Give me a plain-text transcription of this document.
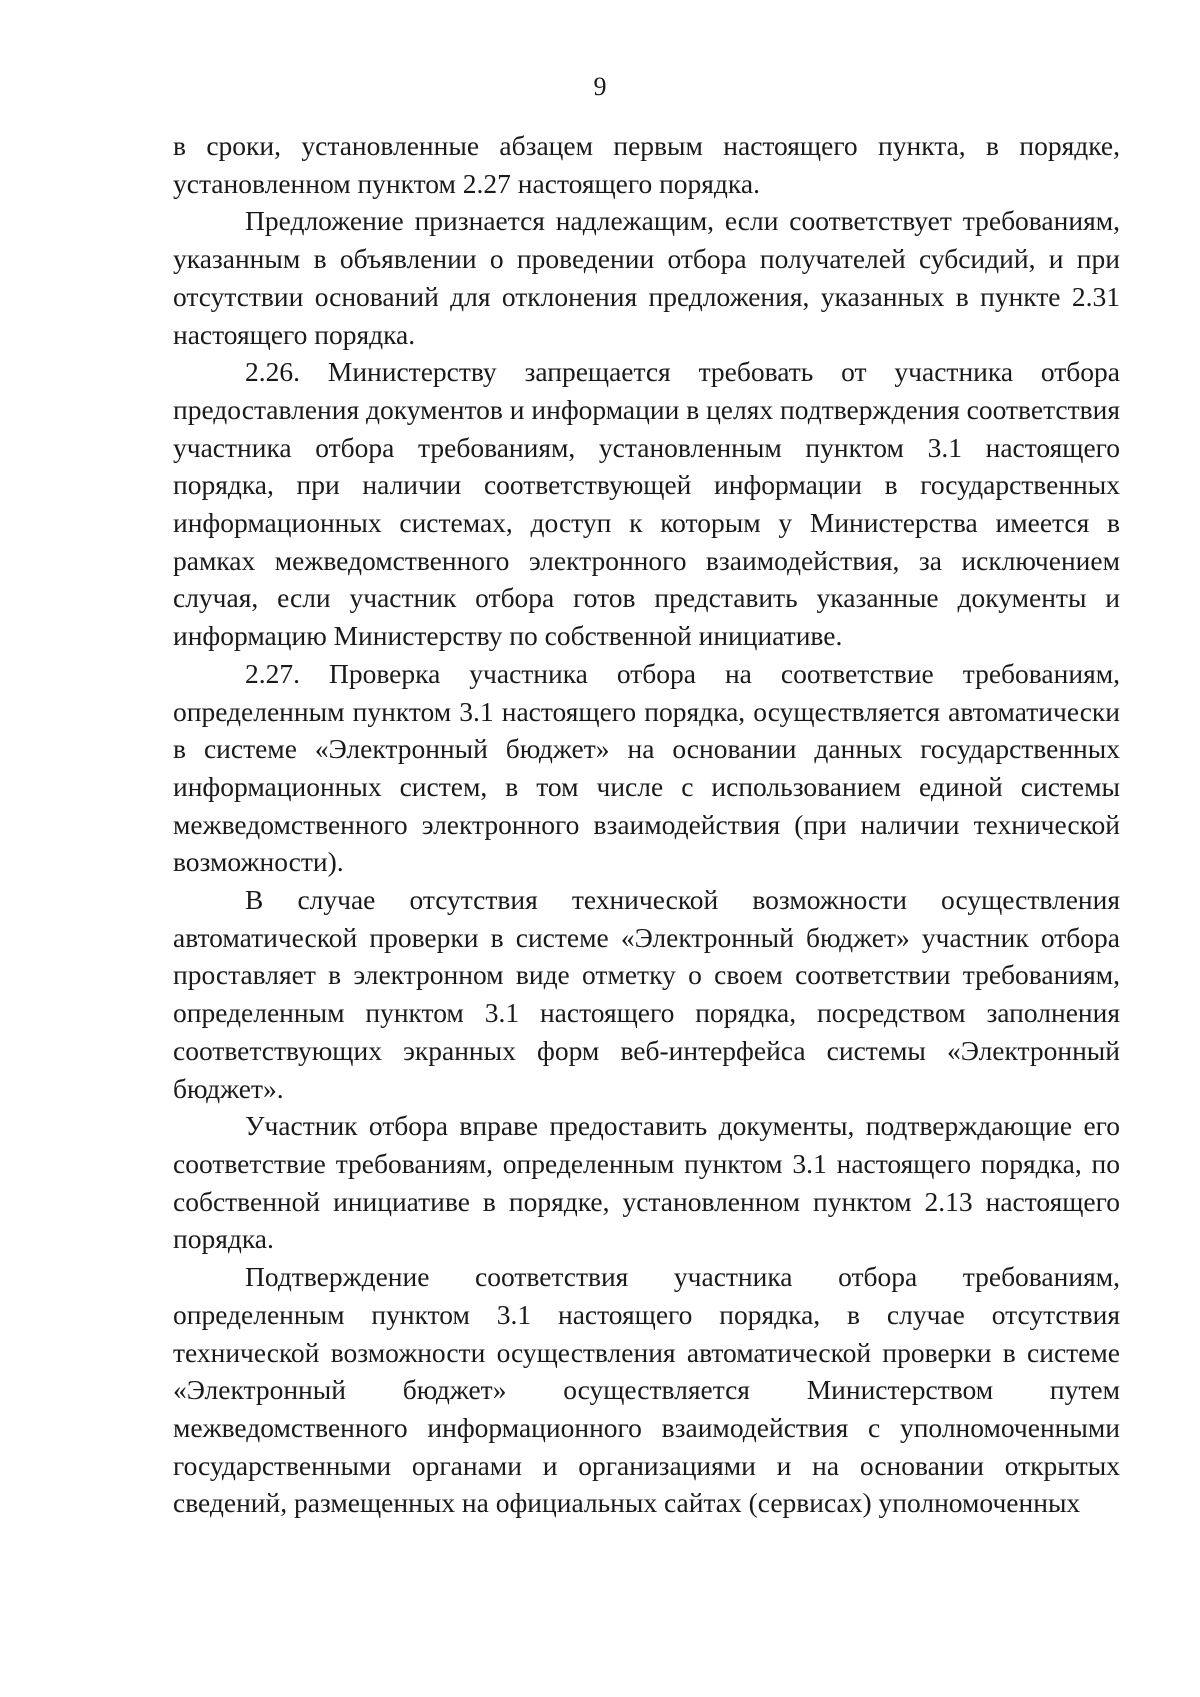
9

в сроки, установленные абзацем первым настоящего пункта, в порядке, установленном пунктом 2.27 настоящего порядка.

Предложение признается надлежащим, если соответствует требованиям, указанным в объявлении о проведении отбора получателей субсидий, и при отсутствии оснований для отклонения предложения, указанных в пункте 2.31 настоящего порядка.

2.26. Министерству запрещается требовать от участника отбора предоставления документов и информации в целях подтверждения соответствия участника отбора требованиям, установленным пунктом 3.1 настоящего порядка, при наличии соответствующей информации в государственных информационных системах, доступ к которым у Министерства имеется в рамках межведомственного электронного взаимодействия, за исключением случая, если участник отбора готов представить указанные документы и информацию Министерству по собственной инициативе.

2.27. Проверка участника отбора на соответствие требованиям, определенным пунктом 3.1 настоящего порядка, осуществляется автоматически в системе «Электронный бюджет» на основании данных государственных информационных систем, в том числе с использованием единой системы межведомственного электронного взаимодействия (при наличии технической возможности).

В случае отсутствия технической возможности осуществления автоматической проверки в системе «Электронный бюджет» участник отбора проставляет в электронном виде отметку о своем соответствии требованиям, определенным пунктом 3.1 настоящего порядка, посредством заполнения соответствующих экранных форм веб-интерфейса системы «Электронный бюджет».

Участник отбора вправе предоставить документы, подтверждающие его соответствие требованиям, определенным пунктом 3.1 настоящего порядка, по собственной инициативе в порядке, установленном пунктом 2.13 настоящего порядка.

Подтверждение соответствия участника отбора требованиям, определенным пунктом 3.1 настоящего порядка, в случае отсутствия технической возможности осуществления автоматической проверки в системе «Электронный бюджет» осуществляется Министерством путем межведомственного информационного взаимодействия с уполномоченными государственными органами и организациями и на основании открытых сведений, размещенных на официальных сайтах (сервисах) уполномоченных
